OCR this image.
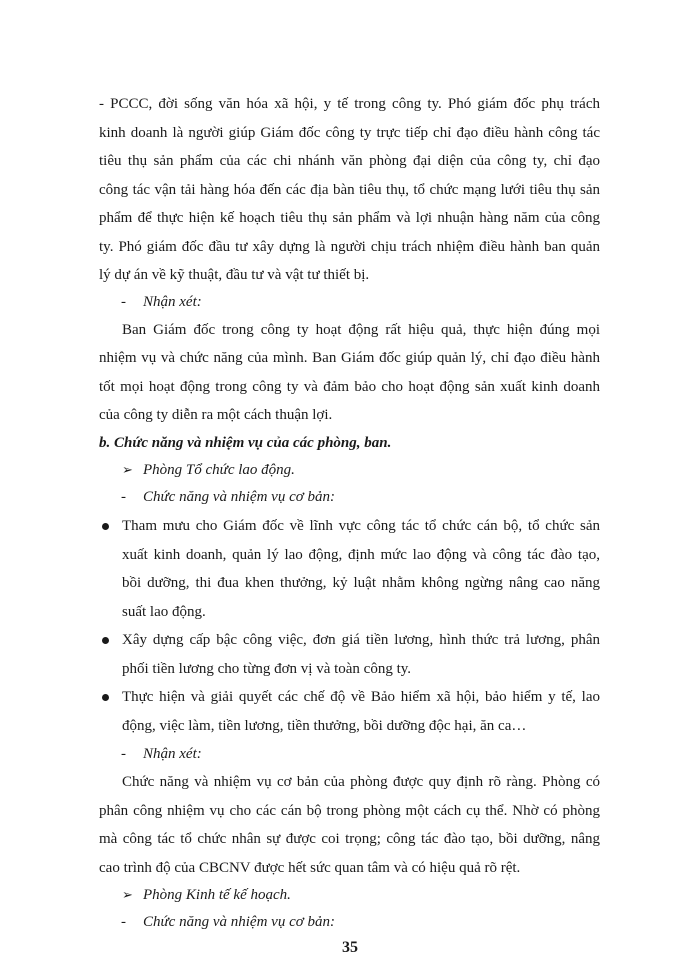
- PCCC, đời sống văn hóa xã hội, y tế trong công ty. Phó giám đốc phụ trách

kinh doanh là người giúp Giám đốc công ty trực tiếp chỉ đạo điều hành công tác

tiêu thụ sản phẩm của các chi nhánh văn phòng đại diện của công ty, chỉ đạo

công tác vận tải hàng hóa đến các địa bàn tiêu thụ, tổ chức mạng lưới tiêu thụ sản

phẩm để thực hiện kế hoạch tiêu thụ sản phẩm và lợi nhuận hàng năm của công

ty. Phó giám đốc đầu tư xây dựng là người chịu trách nhiệm điều hành ban quản

lý dự án về kỹ thuật, đầu tư và vật tư thiết bị.

- Nhận xét:

Ban Giám đốc trong công ty hoạt động rất hiệu quả, thực hiện đúng mọi

nhiệm vụ và chức năng của mình. Ban Giám đốc giúp quản lý, chỉ đạo điều hành

tốt mọi hoạt động trong công ty và đảm bảo cho hoạt động sản xuất kinh doanh

của công ty diễn ra một cách thuận lợi.

b. Chức năng và nhiệm vụ của các phòng, ban.
➢ Phòng Tổ chức lao động.
- Chức năng và nhiệm vụ cơ bản:

Tham mưu cho Giám đốc về lĩnh vực công tác tổ chức cán bộ, tổ chức sản

xuất kinh doanh, quản lý lao động, định mức lao động và công tác đào tạo,

bồi dưỡng, thi đua khen thưởng, kỷ luật nhằm không ngừng nâng cao năng

suất lao động.

Xây dựng cấp bậc công việc, đơn giá tiền lương, hình thức trả lương, phân

phối tiền lương cho từng đơn vị và toàn công ty.

Thực hiện và giải quyết các chế độ về Bảo hiểm xã hội, bảo hiểm y tế, lao

động, việc làm, tiền lương, tiền thưởng, bồi dưỡng độc hại, ăn ca…

- Nhận xét:

Chức năng và nhiệm vụ cơ bản của phòng được quy định rõ ràng. Phòng có

phân công nhiệm vụ cho các cán bộ trong phòng một cách cụ thể. Nhờ có phòng

mà công tác tổ chức nhân sự được coi trọng; công tác đào tạo, bồi dưỡng, nâng

cao trình độ của CBCNV được hết sức quan tâm và có hiệu quả rõ rệt.

➢ Phòng Kinh tế kế hoạch.
- Chức năng và nhiệm vụ cơ bản:
35
